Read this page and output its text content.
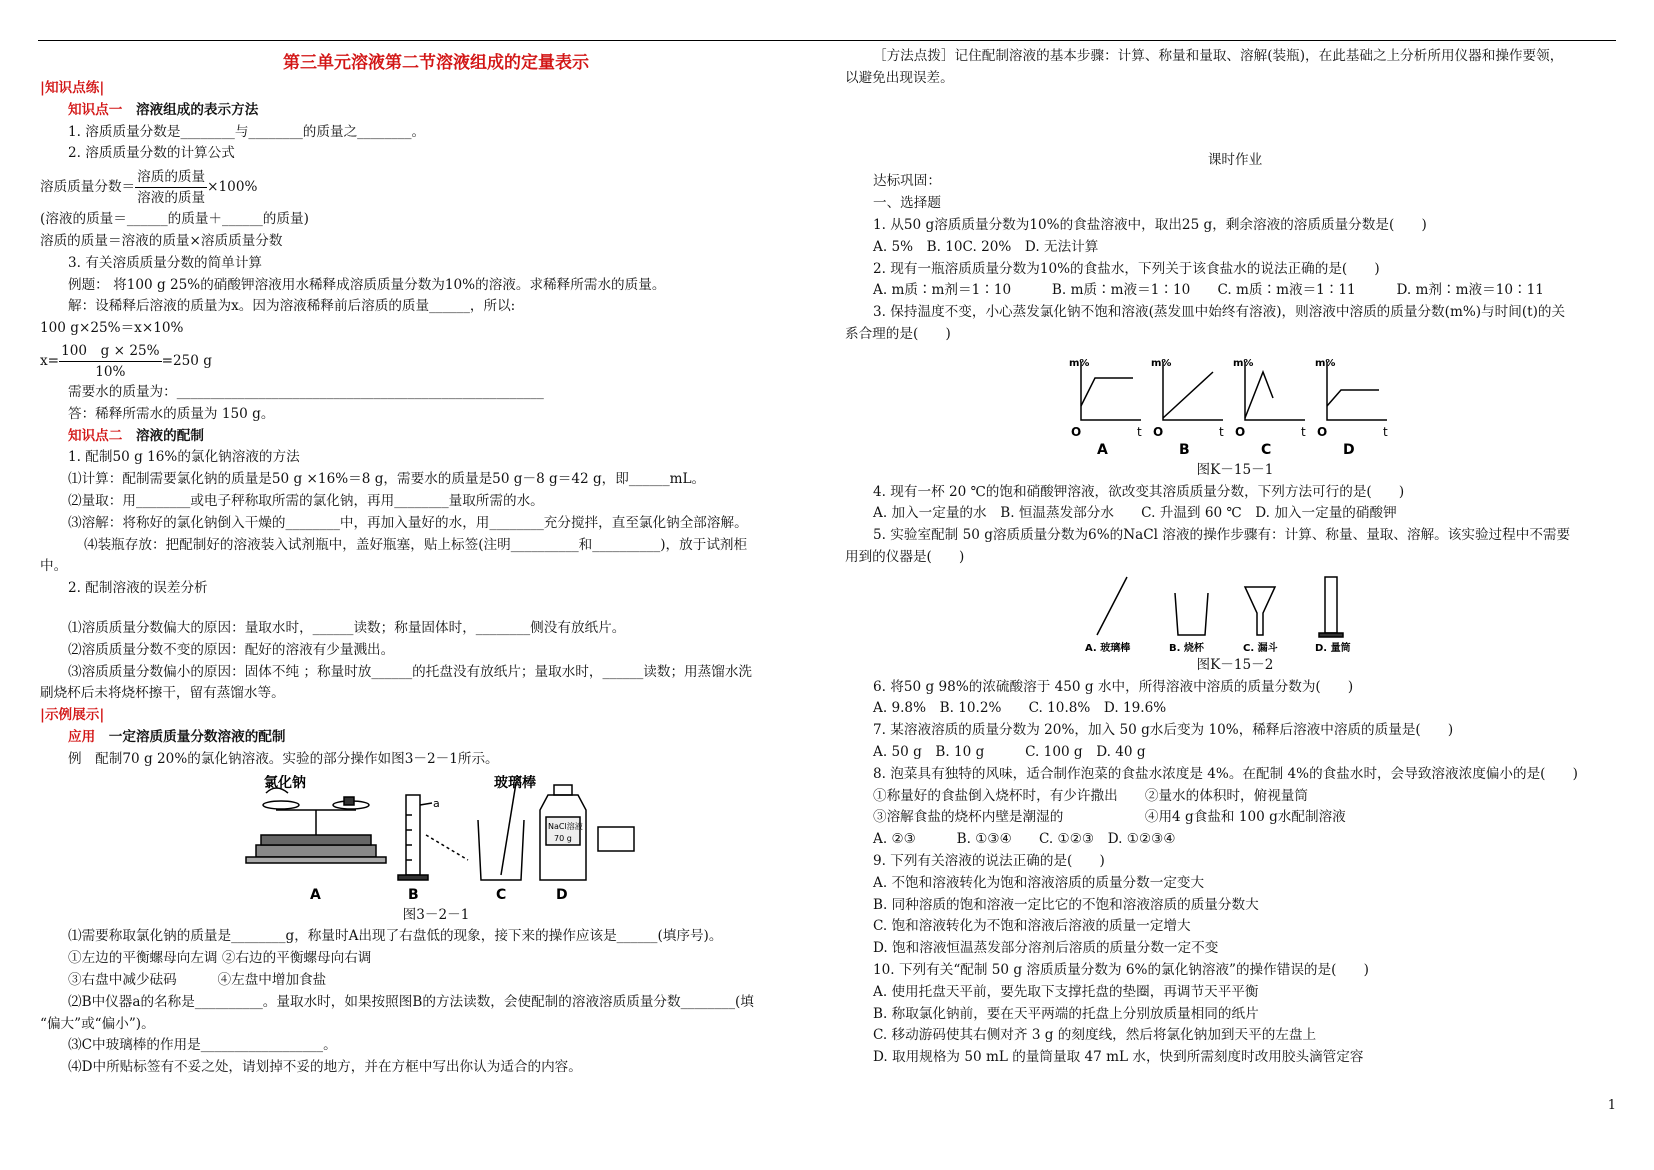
第三单元溶液第二节溶液组成的定量表示
|知识点练|
知识点一　 溶液组成的表示方法
1. 溶质质量分数是________与________的质量之________。
2. 溶质质量分数的计算公式
溶质质量分数＝ $\frac{\text{溶质的质量}}{\text{溶液的质量}} \times 100\%$
(溶液的质量＝______的质量＋______的质量)
溶质的质量＝溶液的质量×溶质质量分数
3. 有关溶质质量分数的简单计算
例题： 将100 g 25%的硝酸钾溶液用水稀释成溶质质量分数为10%的溶液。求稀释所需水的质量。
解：设稀释后溶液的质量为x。因为溶液稀释前后溶质的质量______，所以:
100 g×25%＝x×10%
$x= \frac{100 g \times 25\%}{10\%} =250$ g
需要水的质量为：______________________________________________________
答：稀释所需水的质量为 150 g。
知识点二　 溶液的配制
1. 配制50 g 16%的氯化钠溶液的方法
⑴计算：配制需要氯化钠的质量是50 g ×16%＝8 g，需要水的质量是50 g－8 g＝42 g，即______mL。
⑵量取：用________或电子秤称取所需的氯化钠，再用________量取所需的水。
⑶溶解：将称好的氯化钠倒入干燥的________中，再加入量好的水，用________充分搅拌，直至氯化钠全部溶解。
⑷装瓶存放：把配制好的溶液装入试剂瓶中，盖好瓶塞，贴上标签(注明__________和__________)，放于试剂柜
中。
2. 配制溶液的误差分析
⑴溶质质量分数偏大的原因：量取水时，______读数；称量固体时，________侧没有放纸片。
⑵溶质质量分数不变的原因：配好的溶液有少量溅出。
⑶溶质质量分数偏小的原因：固体不纯 ；称量时放______的托盘没有放纸片；量取水时，______读数；用蒸馏水洗
刷烧杯后未将烧杯擦干，留有蒸馏水等。
|示例展示|
应用　 一定溶质质量分数溶液的配制
例　配制70 g 20%的氯化钠溶液。实验的部分操作如图3－2－1所示。
氯化钠
a
玻璃棒
NaCl溶液
70 g
A	B	C	D
图3－2－1
⑴需要称取氯化钠的质量是________g，称量时A出现了右盘低的现象，接下来的操作应该是______(填序号)。
①左边的平衡螺母向左调 ②右边的平衡螺母向右调
③右盘中减少砝码　　　④左盘中增加食盐
⑵B中仪器a的名称是__________。量取水时，如果按照图B的方法读数，会使配制的溶液溶质质量分数________(填
“偏大”或“偏小”)。
⑶C中玻璃棒的作用是__________________。
⑷D中所贴标签有不妥之处，请划掉不妥的地方，并在方框中写出你认为适合的内容。
［方法点拨］记住配制溶液的基本步骤：计算、称量和量取、溶解(装瓶)，在此基础之上分析所用仪器和操作要领，
以避免出现误差。
课时作业
达标巩固：
一、选择题
1. 从50 g溶质质量分数为10%的食盐溶液中，取出25 g，剩余溶液的溶质质量分数是(　　)
A. 5%　B. 10C. 20%　D. 无法计算
2. 现有一瓶溶质质量分数为10%的食盐水，下列关于该食盐水的说法正确的是(　　)
A. m质∶m剂＝1∶10　　　B. m质∶m液＝1∶10　　C. m质∶m液＝1∶11　　　D. m剂∶m液＝10∶11
3. 保持温度不变，小心蒸发氯化钠不饱和溶液(蒸发皿中始终有溶液)，则溶液中溶质的质量分数(m%)与时间(t)的关
系合理的是(　　)
m%
O	t
A
m%
O	t
B
m%
O	t
C
m%
O	t
D
图K－15－1
4. 现有一杯 20 ℃的饱和硝酸钾溶液，欲改变其溶质质量分数，下列方法可行的是(　　)
A. 加入一定量的水　B. 恒温蒸发部分水　　C. 升温到 60 ℃　D. 加入一定量的硝酸钾
5. 实验室配制 50 g溶质质量分数为6%的NaCl 溶液的操作步骤有：计算、称量、量取、溶解。该实验过程中不需要
用到的仪器是(　　)
A. 玻璃棒	B. 烧杯	C. 漏斗	D. 量筒
图K－15－2
6. 将50 g 98%的浓硫酸溶于 450 g 水中，所得溶液中溶质的质量分数为(　　)
A. 9.8%　B. 10.2%　　C. 10.8%　D. 19.6%
7. 某溶液溶质的质量分数为 20%，加入 50 g水后变为 10%，稀释后溶液中溶质的质量是(　　)
A. 50 g　B. 10 g　　　C. 100 g　D. 40 g
8. 泡菜具有独特的风味，适合制作泡菜的食盐水浓度是 4%。在配制 4%的食盐水时，会导致溶液浓度偏小的是(　　)
①称量好的食盐倒入烧杯时，有少许撒出　　②量水的体积时，俯视量筒
③溶解食盐的烧杯内壁是潮湿的　　　　　　④用4 g食盐和 100 g水配制溶液
A. ②③　　　B. ①③④　　C. ①②③　D. ①②③④
9. 下列有关溶液的说法正确的是(　　)
A. 不饱和溶液转化为饱和溶液溶质的质量分数一定变大
B. 同种溶质的饱和溶液一定比它的不饱和溶液溶质的质量分数大
C. 饱和溶液转化为不饱和溶液后溶液的质量一定增大
D. 饱和溶液恒温蒸发部分溶剂后溶质的质量分数一定不变
10. 下列有关“配制 50 g 溶质质量分数为 6%的氯化钠溶液”的操作错误的是(　　)
A. 使用托盘天平前，要先取下支撑托盘的垫圈，再调节天平平衡
B. 称取氯化钠前，要在天平两端的托盘上分别放质量相同的纸片
C. 移动游码使其右侧对齐 3 g 的刻度线，然后将氯化钠加到天平的左盘上
D. 取用规格为 50 mL 的量筒量取 47 mL 水，快到所需刻度时改用胶头滴管定容
1
